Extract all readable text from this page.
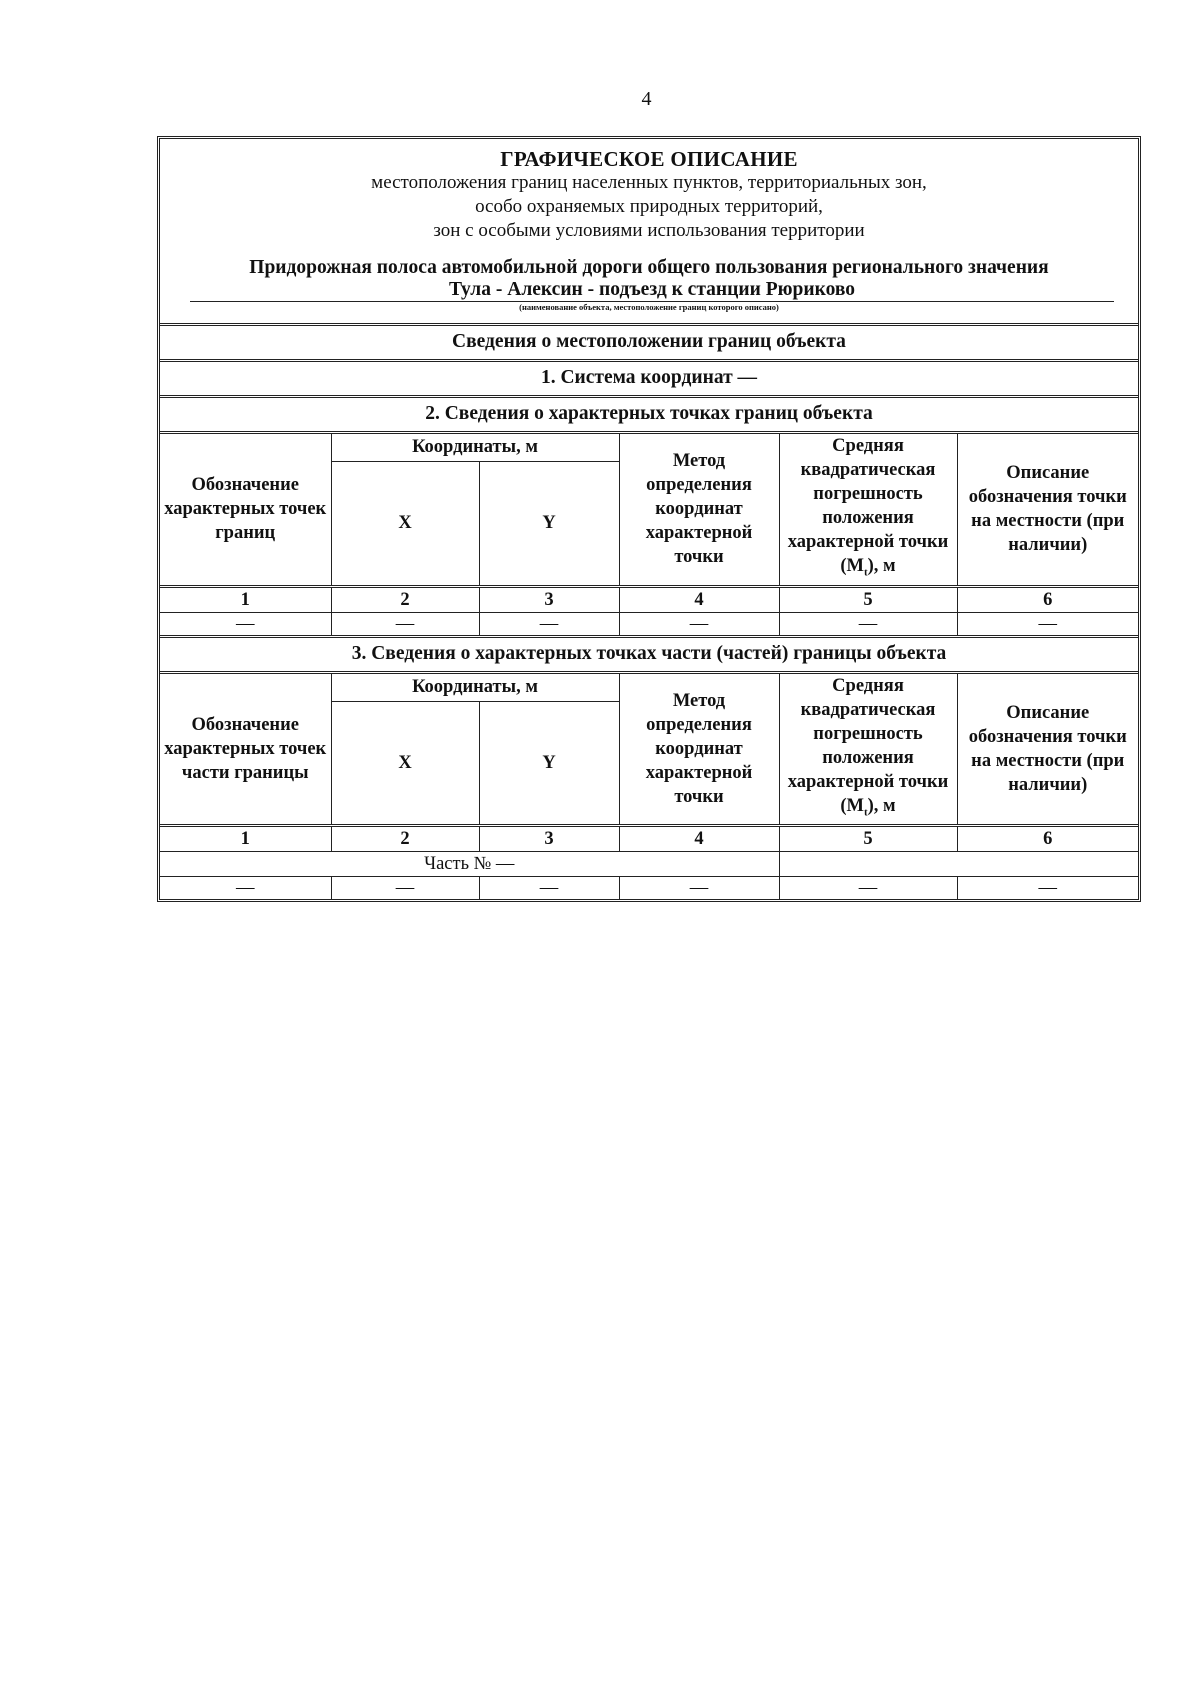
4
ГРАФИЧЕСКОЕ ОПИСАНИЕ
местоположения границ населенных пунктов, территориальных зон,
особо охраняемых природных территорий,
зон с особыми условиями использования территории
Придорожная полоса автомобильной дороги общего пользования регионального значения
Тула - Алексин - подъезд к станции Рюриково
(наименование объекта, местоположение границ которого описано)
Сведения о местоположении границ объекта
1. Система координат —
2. Сведения о характерных точках границ объекта
Обозначение характерных точек границ	Координаты, м		Метод определения координат характерной точки	Средняя квадратическая погрешность положения характерной точки $(M_t)$, м	Описание обозначения точки на местности (при наличии)
	X	Y			
1	2	3	4	5	6
—	—	—	—	—	—
3. Сведения о характерных точках части (частей) границы объекта
Обозначение характерных точек части границы	Координаты, м		Метод определения координат характерной точки	Средняя квадратическая погрешность положения характерной точки $(M_t)$, м	Описание обозначения точки на местности (при наличии)
	X	Y			
1	2	3	4	5	6
Часть № —					
—	—	—	—	—	—
